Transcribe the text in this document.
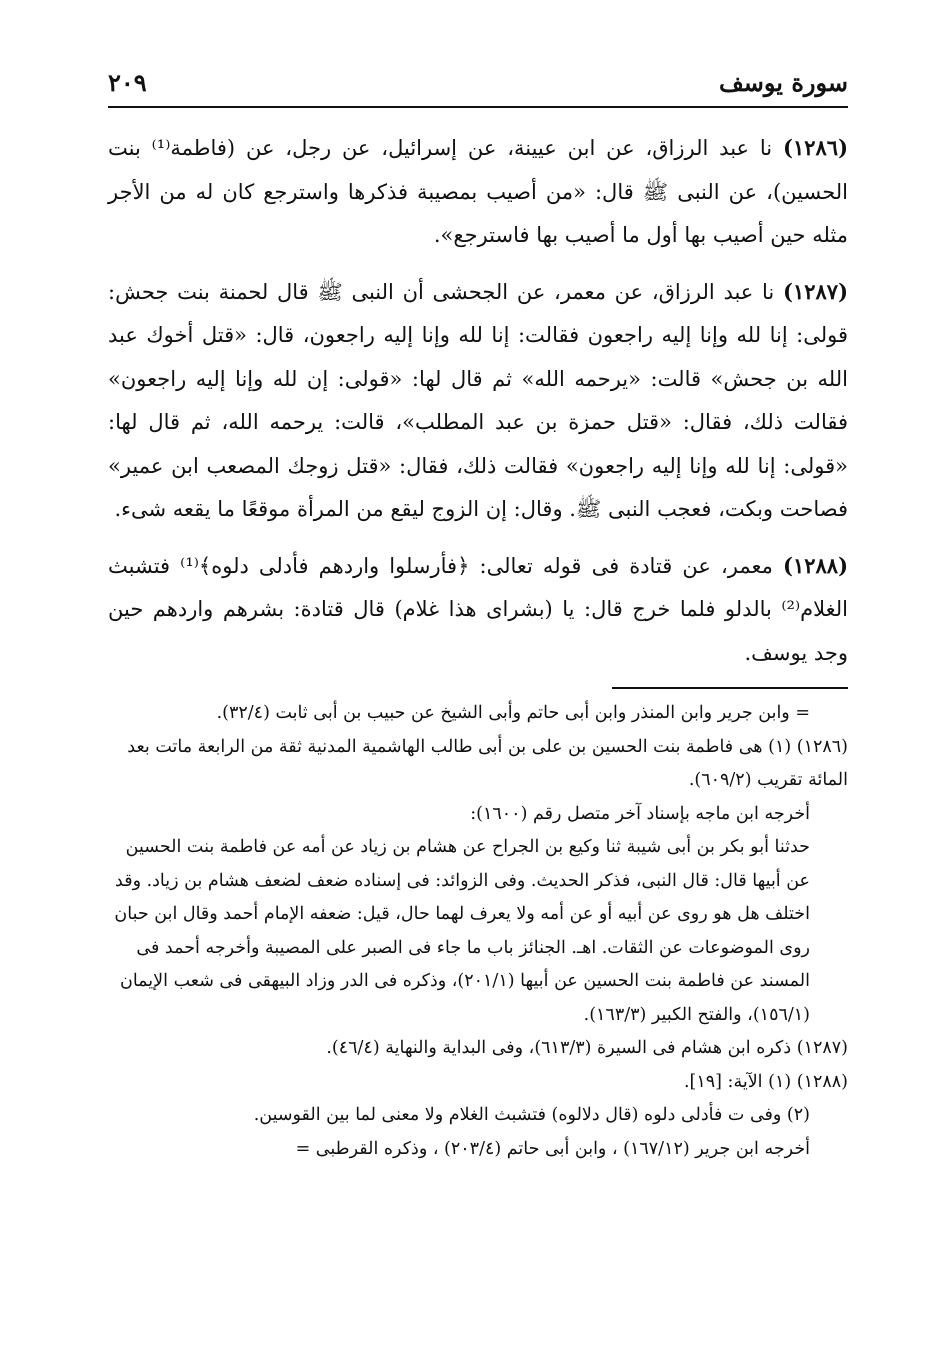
سورة يوسف
٢٠٩

(١٢٨٦) نا عبد الرزاق، عن ابن عيينة، عن إسرائيل، عن رجل، عن (فاطمة⁽¹⁾ بنت الحسين)، عن النبى ﷺ قال: «من أصيب بمصيبة فذكرها واسترجع كان له من الأجر مثله حين أصيب بها أول ما أصيب بها فاسترجع».

(١٢٨٧) نا عبد الرزاق، عن معمر، عن الجحشى أن النبى ﷺ قال لحمنة بنت جحش: قولى: إنا لله وإنا إليه راجعون فقالت: إنا لله وإنا إليه راجعون، قال: «قتل أخوك عبد الله بن جحش» قالت: «يرحمه الله» ثم قال لها: «قولى: إن لله وإنا إليه راجعون» فقالت ذلك، فقال: «قتل حمزة بن عبد المطلب»، قالت: يرحمه الله، ثم قال لها: «قولى: إنا لله وإنا إليه راجعون» فقالت ذلك، فقال: «قتل زوجك المصعب ابن عمير» فصاحت وبكت، فعجب النبى ﷺ. وقال: إن الزوج ليقع من المرأة موقعًا ما يقعه شىء.

(١٢٨٨) معمر، عن قتادة فى قوله تعالى: ﴿فأرسلوا واردهم فأدلى دلوه﴾⁽¹⁾ فتشبث الغلام⁽²⁾ بالدلو فلما خرج قال: يا (بشراى هذا غلام) قال قتادة: بشرهم واردهم حين وجد يوسف.

= وابن جرير وابن المنذر وابن أبى حاتم وأبى الشيخ عن حبيب بن أبى ثابت (٣٢/٤).

(١٢٨٦) (١) هى فاطمة بنت الحسين بن على بن أبى طالب الهاشمية المدنية ثقة من الرابعة ماتت بعد المائة تقريب (٦٠٩/٢).

أخرجه ابن ماجه بإسناد آخر متصل رقم (١٦٠٠):

حدثنا أبو بكر بن أبى شيبة ثنا وكيع بن الجراح عن هشام بن زياد عن أمه عن فاطمة بنت الحسين عن أبيها قال: قال النبى، فذكر الحديث. وفى الزوائد: فى إسناده ضعف لضعف هشام بن زياد. وقد اختلف هل هو روى عن أبيه أو عن أمه ولا يعرف لهما حال، قيل: ضعفه الإمام أحمد وقال ابن حبان روى الموضوعات عن الثقات. اهـ. الجنائز باب ما جاء فى الصبر على المصيبة وأخرجه أحمد فى المسند عن فاطمة بنت الحسين عن أبيها (٢٠١/١)، وذكره فى الدر وزاد البيهقى فى شعب الإيمان (١٥٦/١)، والفتح الكبير (١٦٣/٣).

(١٢٨٧) ذكره ابن هشام فى السيرة (٦١٣/٣)، وفى البداية والنهاية (٤٦/٤).

(١٢٨٨) (١) الآية: [١٩].

(٢) وفى ت فأدلى دلوه (قال دلالوه) فتشبث الغلام ولا معنى لما بين القوسين.

أخرجه ابن جرير (١٦٧/١٢) ، وابن أبى حاتم (٢٠٣/٤) ، وذكره القرطبى =
